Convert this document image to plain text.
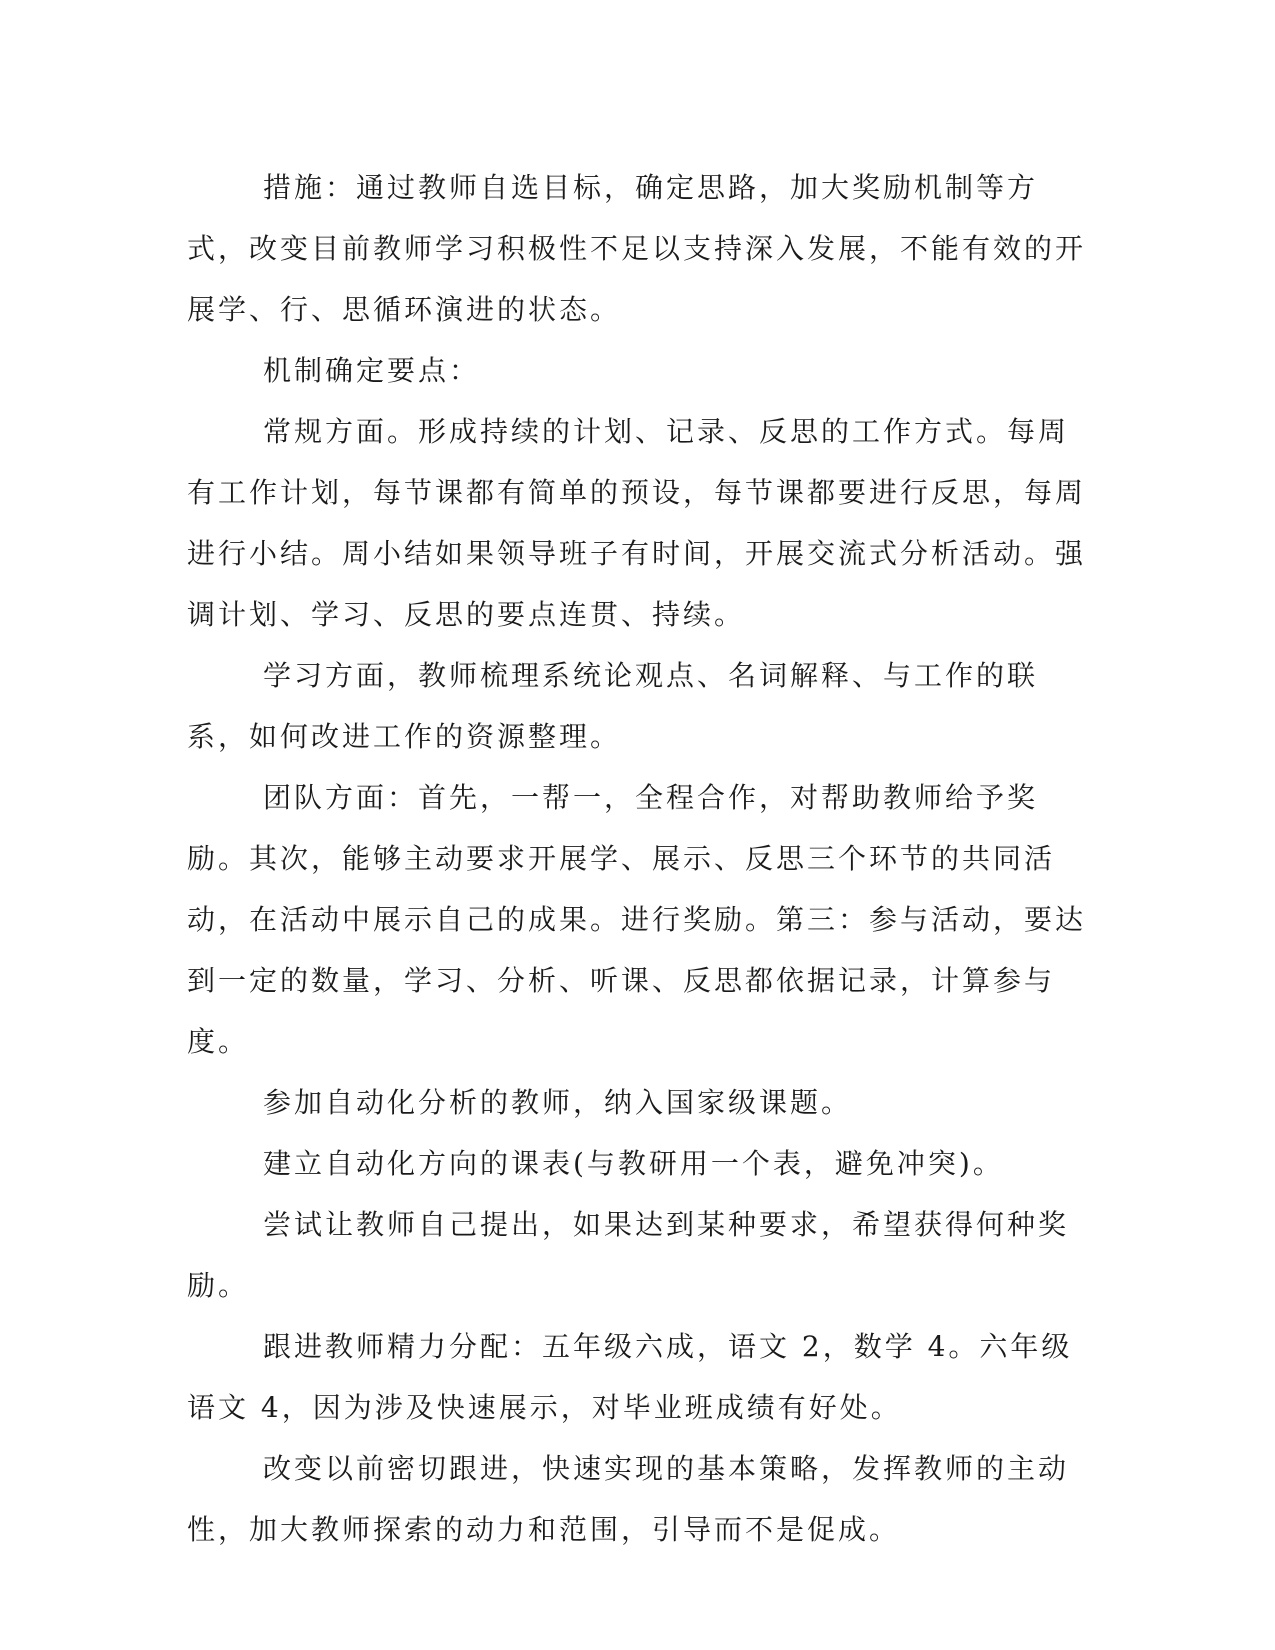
措施：通过教师自选目标，确定思路，加大奖励机制等方式，改变目前教师学习积极性不足以支持深入发展，不能有效的开展学、行、思循环演进的状态。

机制确定要点：

常规方面。形成持续的计划、记录、反思的工作方式。每周有工作计划，每节课都有简单的预设，每节课都要进行反思，每周进行小结。周小结如果领导班子有时间，开展交流式分析活动。强调计划、学习、反思的要点连贯、持续。

学习方面，教师梳理系统论观点、名词解释、与工作的联系，如何改进工作的资源整理。

团队方面：首先，一帮一，全程合作，对帮助教师给予奖励。其次，能够主动要求开展学、展示、反思三个环节的共同活动，在活动中展示自己的成果。进行奖励。第三：参与活动，要达到一定的数量，学习、分析、听课、反思都依据记录，计算参与度。

参加自动化分析的教师，纳入国家级课题。

建立自动化方向的课表(与教研用一个表，避免冲突)。

尝试让教师自己提出，如果达到某种要求，希望获得何种奖励。

跟进教师精力分配：五年级六成，语文 2，数学 4。六年级语文 4，因为涉及快速展示，对毕业班成绩有好处。

改变以前密切跟进，快速实现的基本策略，发挥教师的主动性，加大教师探索的动力和范围，引导而不是促成。
